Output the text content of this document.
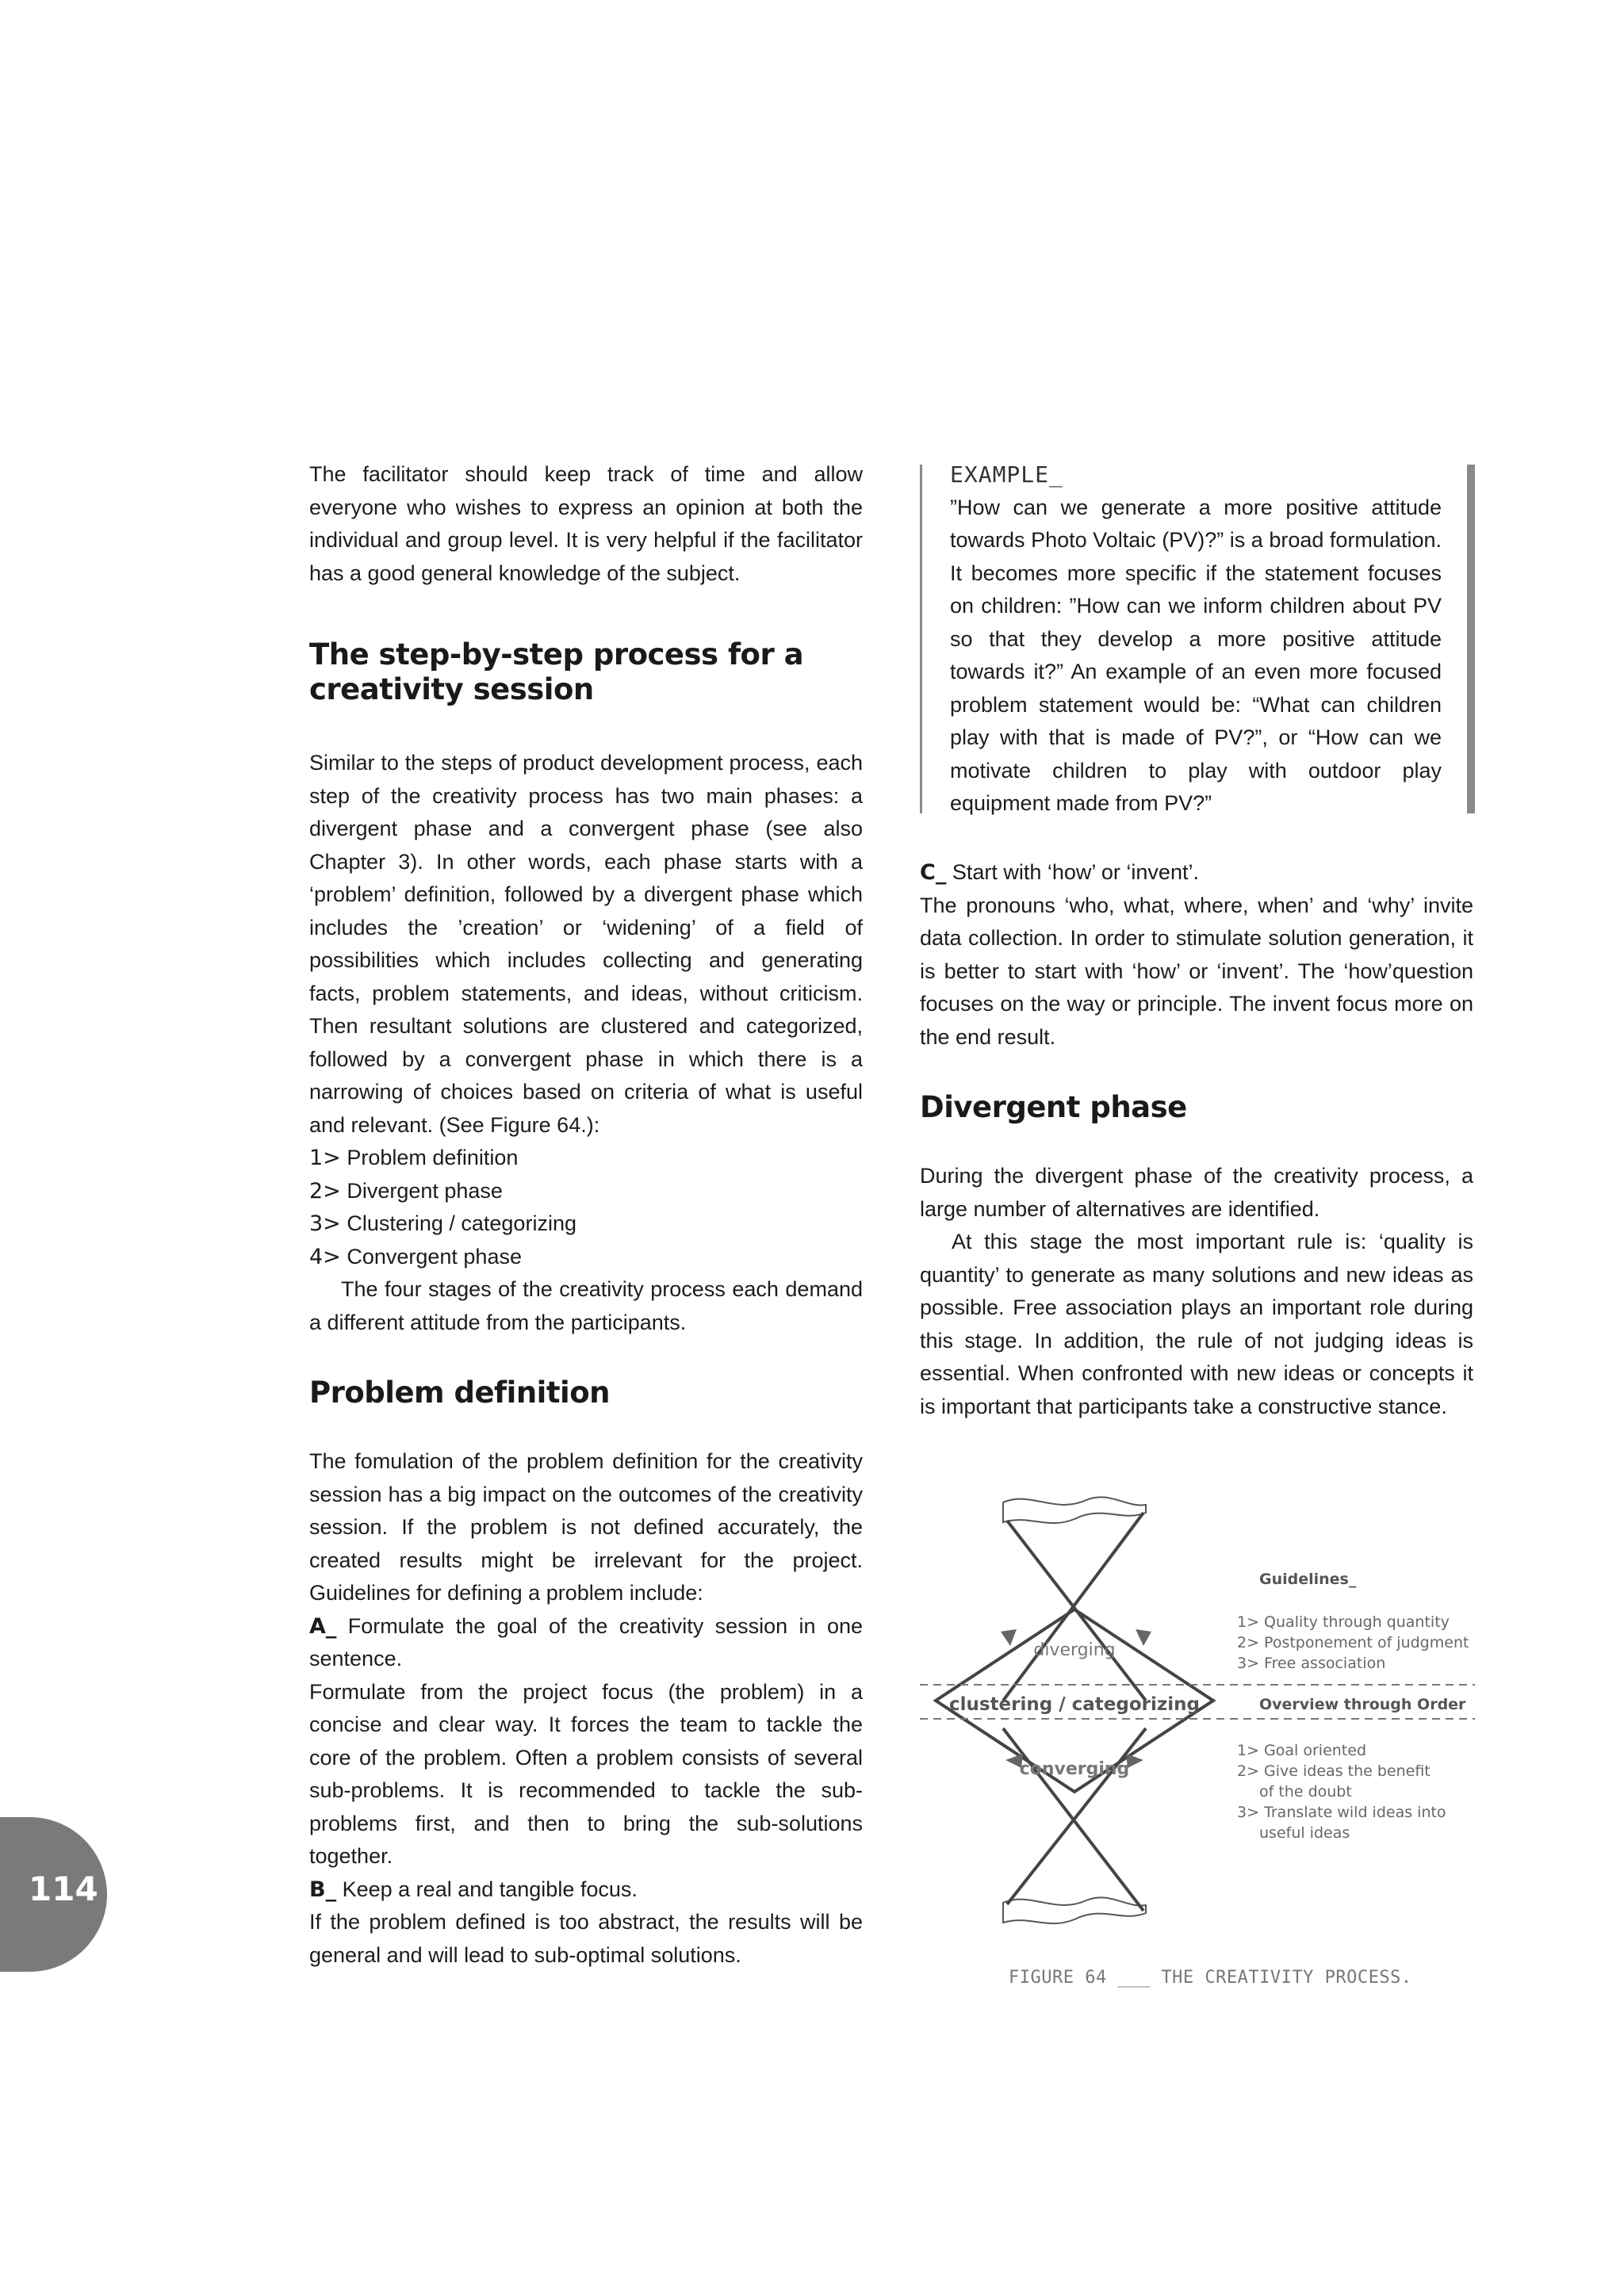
The facilitator should keep track of time and allow everyone who wishes to express an opinion at both the individual and group level. It is very helpful if the facilitator has a good general knowledge of the subject.

The step-by-step process for a creativity session

Similar to the steps of product development process, each step of the creativity process has two main phases: a divergent phase and a convergent phase (see also Chapter 3). In other words, each phase starts with a ‘problem’ definition, followed by a divergent phase which includes the ’creation’ or ‘widening’ of a field of possibilities which includes collecting and generating facts, problem statements, and ideas, without criticism. Then resultant solutions are clustered and categorized, followed by a convergent phase in which there is a narrowing of choices based on criteria of what is useful and relevant. (See Figure 64.):

1> Problem definition
2> Divergent phase
3> Clustering / categorizing
4> Convergent phase

The four stages of the creativity process each demand a different attitude from the participants.

Problem definition

The fomulation of the problem definition for the creativity session has a big impact on the outcomes of the creativity session. If the problem is not defined accurately, the created results might be irrelevant for the project. Guidelines for defining a problem include:

A_ Formulate the goal of the creativity session in one sentence.

Formulate from the project focus (the problem) in a concise and clear way. It forces the team to tackle the core of the problem. Often a problem consists of several sub-problems. It is recommended to tackle the sub-problems first, and then to bring the sub-solutions together.

B_ Keep a real and tangible focus.

If the problem defined is too abstract, the results will be general and will lead to sub-optimal solutions.

EXAMPLE_

”How can we generate a more positive attitude towards Photo Voltaic (PV)?” is a broad formulation. It becomes more specific if the statement focuses on children: ”How can we inform children about PV so that they develop a more positive attitude towards it?” An example of an even more focused problem statement would be: “What can children play with that is made of PV?”, or “How can we motivate children to play with outdoor play equipment made from PV?”

C_ Start with ‘how’ or ‘invent’.

The pronouns ‘who, what, where, when’ and ‘why’ invite data collection. In order to stimulate solution generation, it is better to start with ‘how’ or ‘invent’. The ‘how’question focuses on the way or principle. The invent focus more on the end result.

Divergent phase

During the divergent phase of the creativity process, a large number of alternatives are identified.

At this stage the most important rule is: ‘quality is quantity’ to generate as many solutions and new ideas as possible. Free association plays an important role during this stage. In addition, the rule of not judging ideas is essential. When confronted with new ideas or concepts it is important that participants take a constructive stance.

diverging
clustering / categorizing
converging
Guidelines_
1> Quality through quantity
2> Postponement of judgment
3> Free association
Overview through Order
1> Goal oriented
2> Give ideas the benefit
of the doubt
3> Translate wild ideas into
useful ideas
FIGURE 64 ___ THE CREATIVITY PROCESS.
114
